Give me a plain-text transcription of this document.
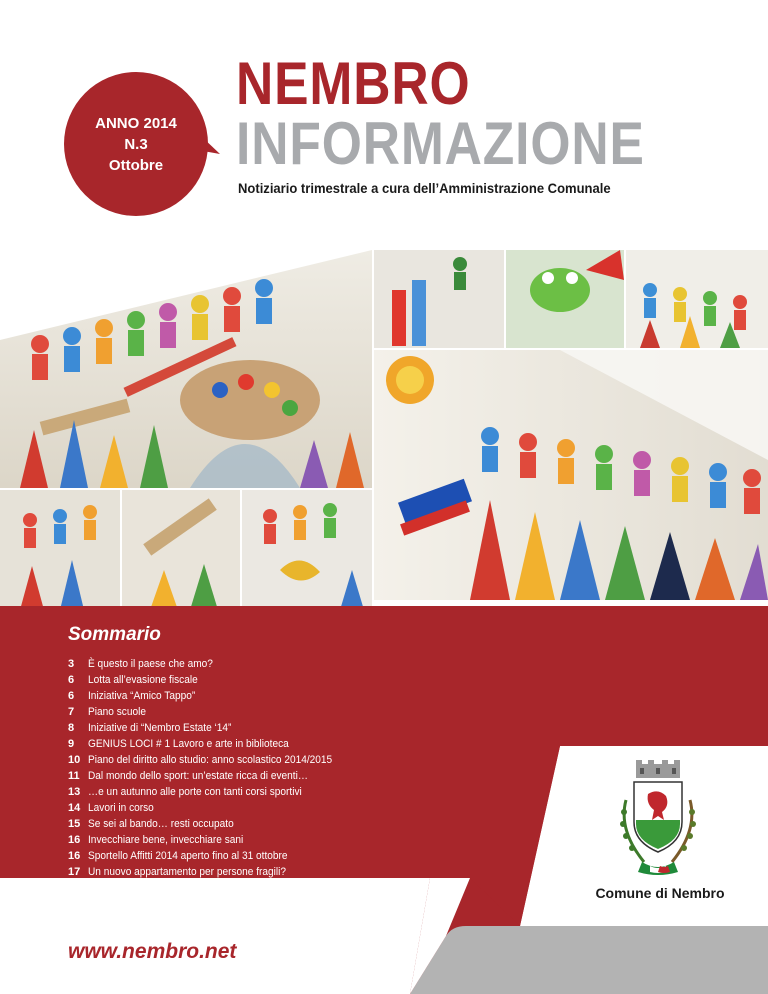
ANNO 2014
N.3
Ottobre
NEMBRO
INFORMAZIONE
Notiziario trimestrale a cura dell’Amministrazione Comunale
Sommario
3	È questo il paese che amo?
6	Lotta all’evasione fiscale
6	Iniziativa “Amico Tappo”
7	Piano scuole
8	Iniziative di “Nembro Estate ‘14”
9	GENIUS LOCI # 1 Lavoro e arte in biblioteca
10 Piano del diritto allo studio: anno scolastico 2014/2015
11 Dal mondo dello sport: un’estate ricca di eventi…
13 …e un autunno alle porte con tanti corsi sportivi
14 Lavori in corso
15 Se sei al bando… resti occupato
16 Invecchiare bene, invecchiare sani
16 Sportello Affitti 2014 aperto fino al 31 ottobre
17 Un nuovo appartamento per persone fragili?
18 Articoli gruppi politici
20 Tinteggiatura degli spazi interni scuola primaria del capoluogo
Comune di Nembro
www.nembro.net
